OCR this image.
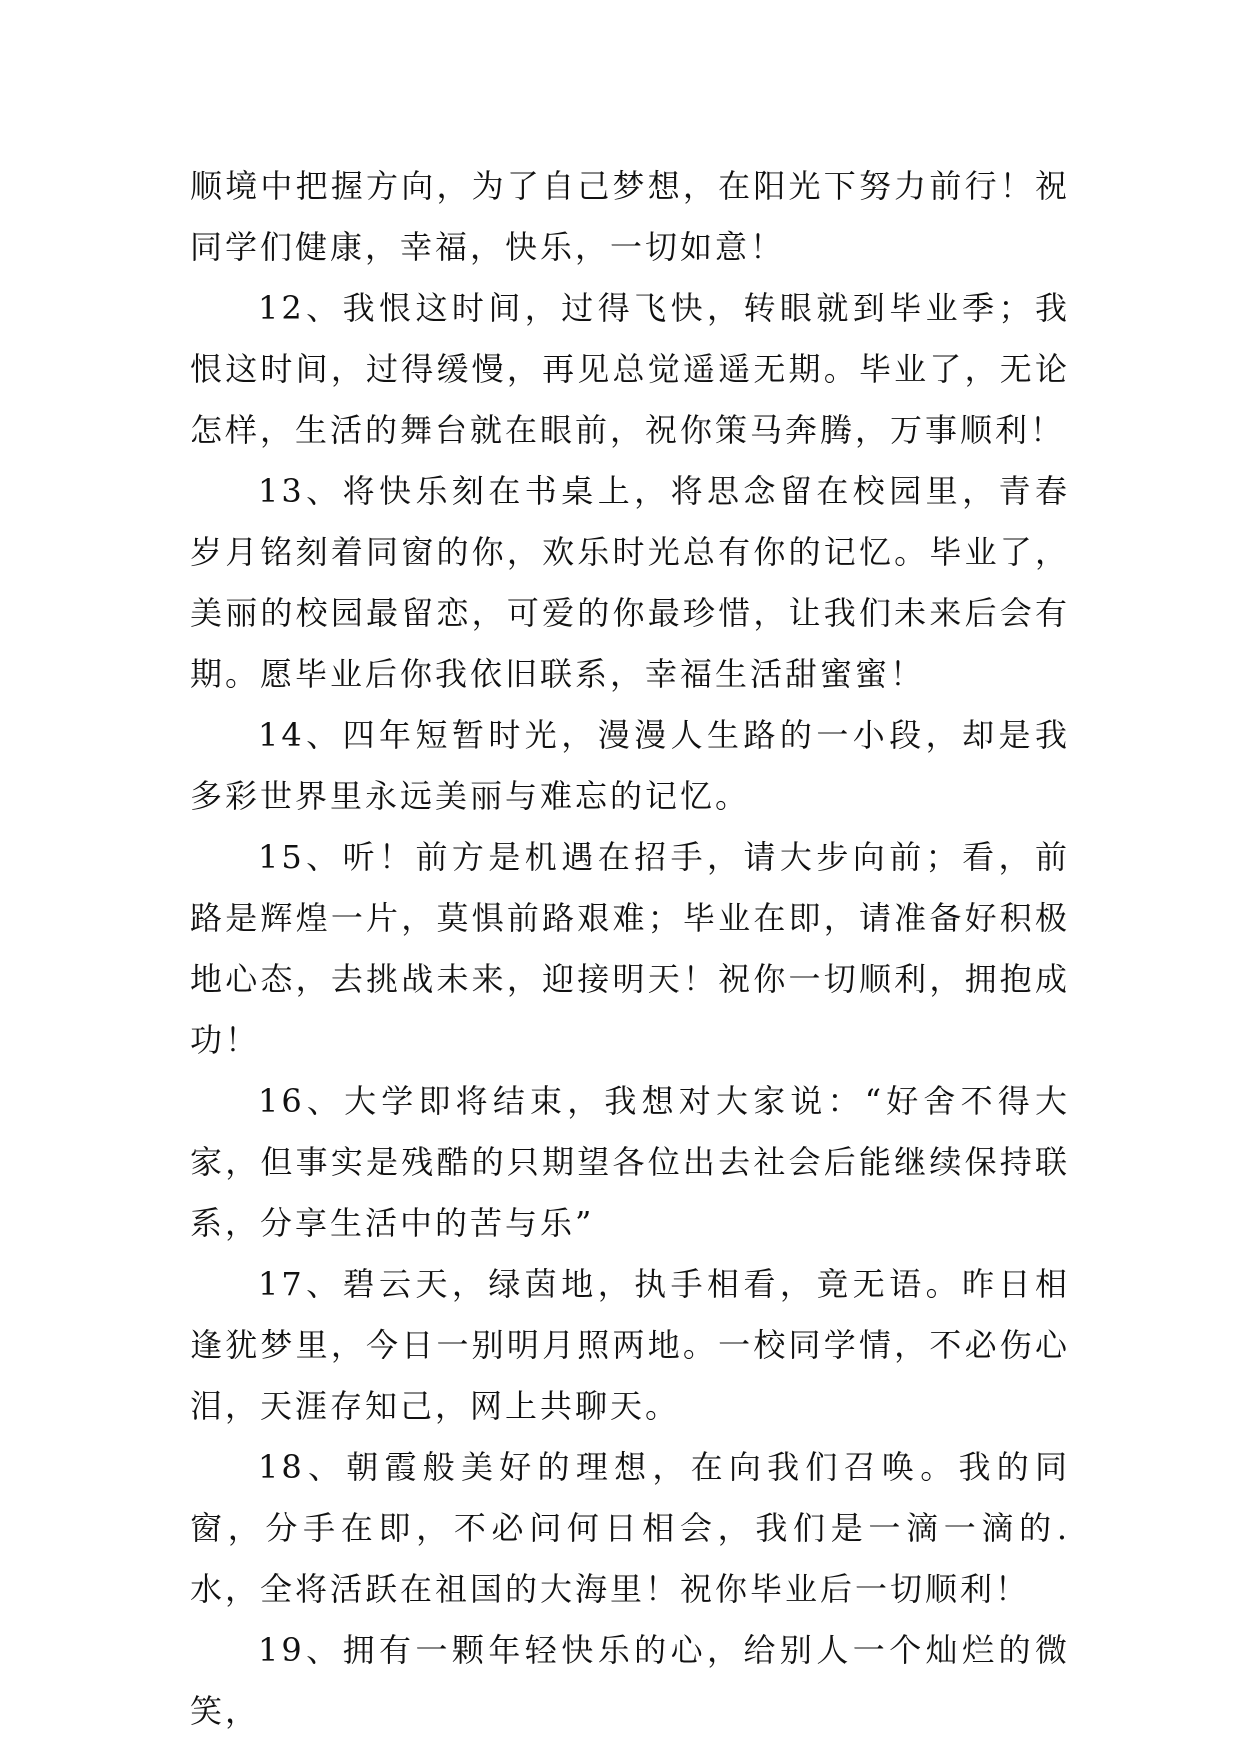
顺境中把握方向，为了自己梦想，在阳光下努力前行！祝同学们健康，幸福，快乐，一切如意！

12、我恨这时间，过得飞快，转眼就到毕业季；我恨这时间，过得缓慢，再见总觉遥遥无期。毕业了，无论怎样，生活的舞台就在眼前，祝你策马奔腾，万事顺利！

13、将快乐刻在书桌上，将思念留在校园里，青春岁月铭刻着同窗的你，欢乐时光总有你的记忆。毕业了，美丽的校园最留恋，可爱的你最珍惜，让我们未来后会有期。愿毕业后你我依旧联系，幸福生活甜蜜蜜！

14、四年短暂时光，漫漫人生路的一小段，却是我多彩世界里永远美丽与难忘的记忆。

15、听！前方是机遇在招手，请大步向前；看，前路是辉煌一片，莫惧前路艰难；毕业在即，请准备好积极地心态，去挑战未来，迎接明天！祝你一切顺利，拥抱成功！

16、大学即将结束，我想对大家说：“好舍不得大家，但事实是残酷的只期望各位出去社会后能继续保持联系，分享生活中的苦与乐”

17、碧云天，绿茵地，执手相看，竟无语。昨日相逢犹梦里，今日一别明月照两地。一校同学情，不必伤心泪，天涯存知己，网上共聊天。

18、朝霞般美好的理想，在向我们召唤。我的同窗，分手在即，不必问何日相会，我们是一滴一滴的.水，全将活跃在祖国的大海里！祝你毕业后一切顺利！

19、拥有一颗年轻快乐的心，给别人一个灿烂的微笑，
